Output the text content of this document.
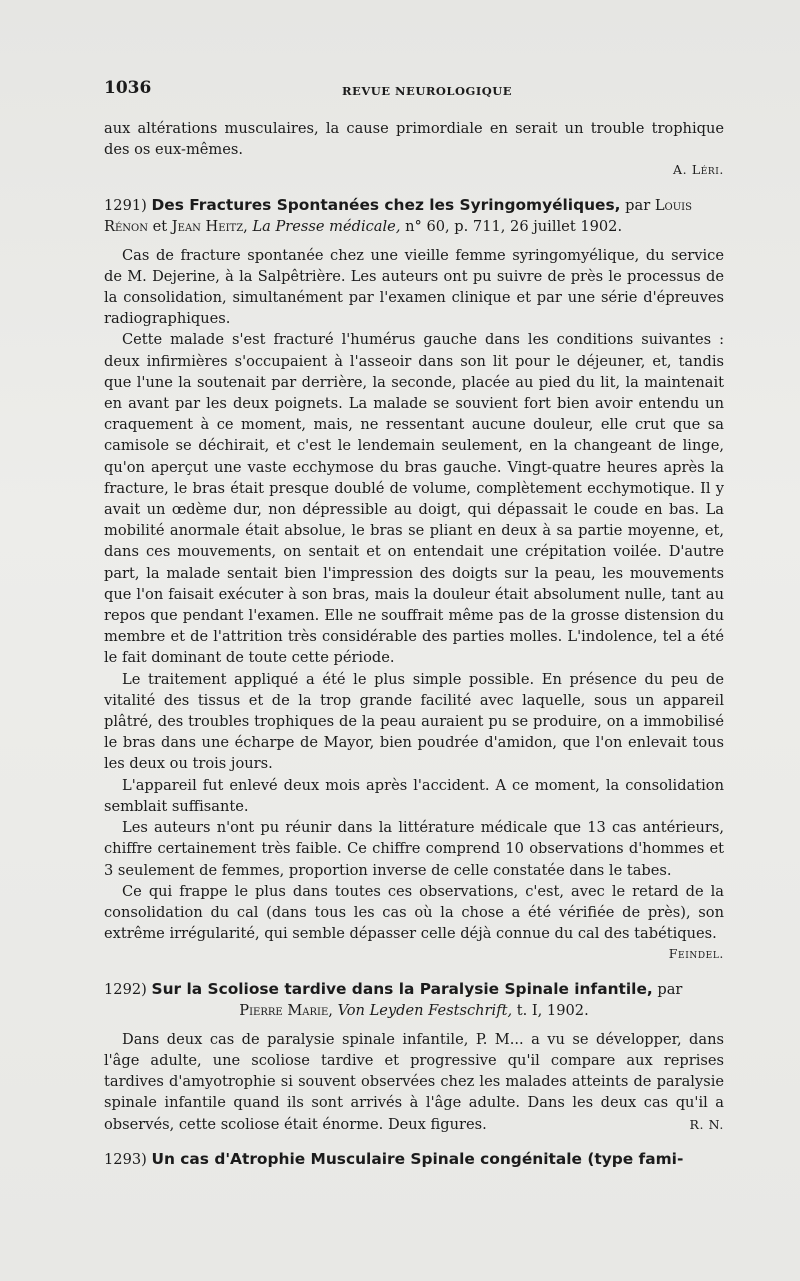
1036	REVUE NEUROLOGIQUE

aux altérations musculaires, la cause primordiale en serait un trouble trophique des os eux-mêmes.

A. Léri.
1291) Des Fractures Spontanées chez les Syringomyéliques, par Louis Rénon et Jean Heitz, La Presse médicale, n° 60, p. 711, 26 juillet 1902.

Cas de fracture spontanée chez une vieille femme syringomyélique, du service de M. Dejerine, à la Salpêtrière. Les auteurs ont pu suivre de près le processus de la consolidation, simultanément par l'examen clinique et par une série d'épreuves radiographiques.

Cette malade s'est fracturé l'humérus gauche dans les conditions suivantes : deux infirmières s'occupaient à l'asseoir dans son lit pour le déjeuner, et, tandis que l'une la soutenait par derrière, la seconde, placée au pied du lit, la maintenait en avant par les deux poignets. La malade se souvient fort bien avoir entendu un craquement à ce moment, mais, ne ressentant aucune douleur, elle crut que sa camisole se déchirait, et c'est le lendemain seulement, en la changeant de linge, qu'on aperçut une vaste ecchymose du bras gauche. Vingt-quatre heures après la fracture, le bras était presque doublé de volume, complètement ecchymotique. Il y avait un œdème dur, non dépressible au doigt, qui dépassait le coude en bas. La mobilité anormale était absolue, le bras se pliant en deux à sa partie moyenne, et, dans ces mouvements, on sentait et on entendait une crépitation voilée. D'autre part, la malade sentait bien l'impression des doigts sur la peau, les mouvements que l'on faisait exécuter à son bras, mais la douleur était absolument nulle, tant au repos que pendant l'examen. Elle ne souffrait même pas de la grosse distension du membre et de l'attrition très considérable des parties molles. L'indolence, tel a été le fait dominant de toute cette période.

Le traitement appliqué a été le plus simple possible. En présence du peu de vitalité des tissus et de la trop grande facilité avec laquelle, sous un appareil plâtré, des troubles trophiques de la peau auraient pu se produire, on a immobilisé le bras dans une écharpe de Mayor, bien poudrée d'amidon, que l'on enlevait tous les deux ou trois jours.

L'appareil fut enlevé deux mois après l'accident. A ce moment, la consolidation semblait suffisante.

Les auteurs n'ont pu réunir dans la littérature médicale que 13 cas antérieurs, chiffre certainement très faible. Ce chiffre comprend 10 observations d'hommes et 3 seulement de femmes, proportion inverse de celle constatée dans le tabes.

Ce qui frappe le plus dans toutes ces observations, c'est, avec le retard de la consolidation du cal (dans tous les cas où la chose a été vérifiée de près), son extrême irrégularité, qui semble dépasser celle déjà connue du cal des tabétiques.

Feindel.
1292) Sur la Scoliose tardive dans la Paralysie Spinale infantile, par
Pierre Marie, Von Leyden Festschrift, t. I, 1902.

Dans deux cas de paralysie spinale infantile, P. M... a vu se développer, dans l'âge adulte, une scoliose tardive et progressive qu'il compare aux reprises tardives d'amyotrophie si souvent observées chez les malades atteints de paralysie spinale infantile quand ils sont arrivés à l'âge adulte. Dans les deux cas qu'il a observés, cette scoliose était énorme. Deux figures.	R. N.
1293) Un cas d'Atrophie Musculaire Spinale congénitale (type fami-
